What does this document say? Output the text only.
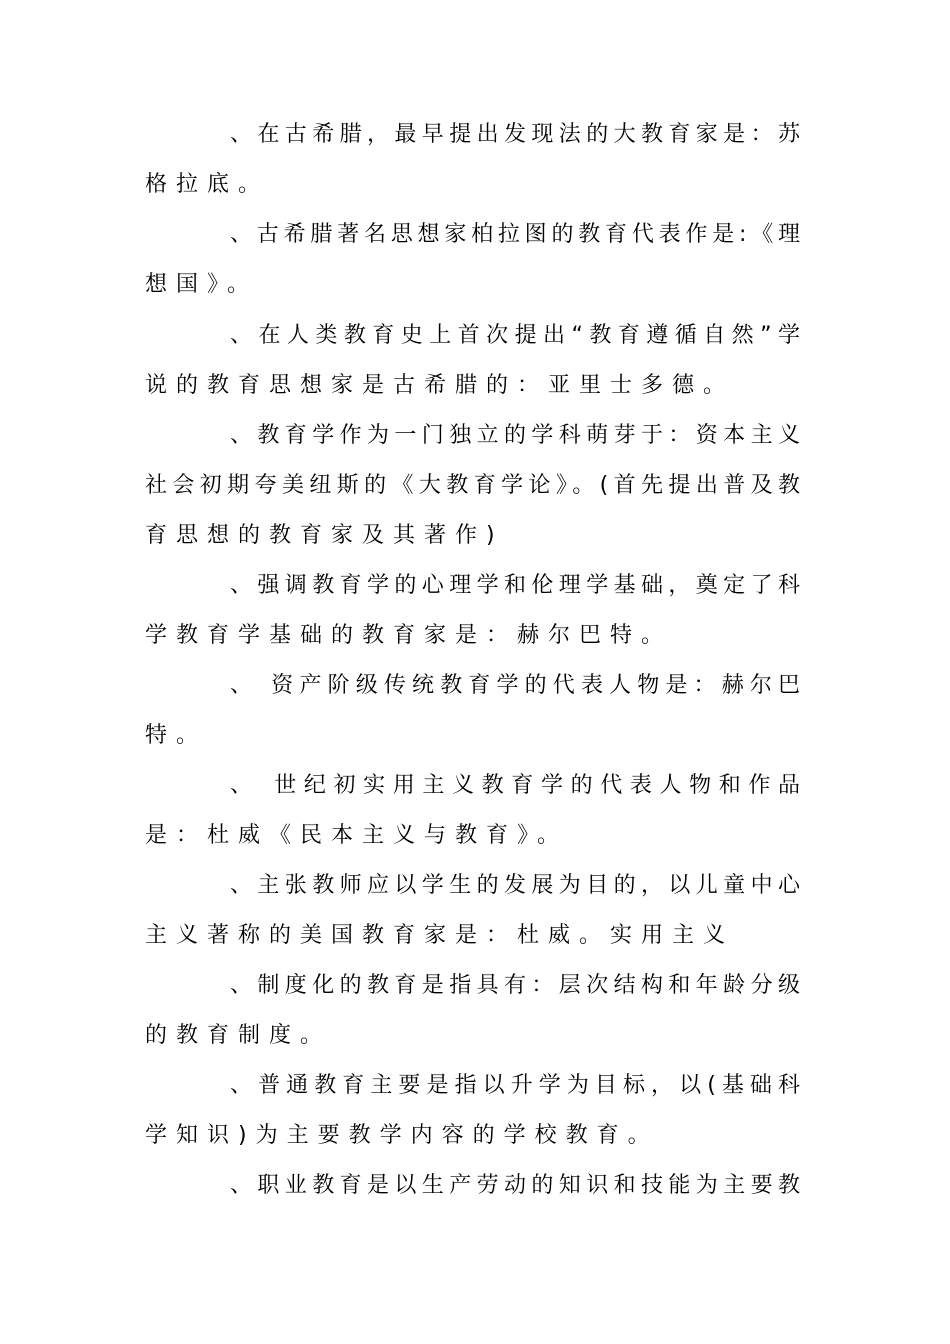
、在古希腊，最早提出发现法的大教育家是：苏
格拉底。
、古希腊著名思想家柏拉图的教育代表作是:《理
想国》。
、在人类教育史上首次提出“教育遵循自然”学
说的教育思想家是古希腊的：亚里士多德。
、教育学作为一门独立的学科萌芽于：资本主义
社会初期夸美纽斯的《大教育学论》。(首先提出普及教
育思想的教育家及其著作)
、强调教育学的心理学和伦理学基础，奠定了科
学教育学基础的教育家是：赫尔巴特。
、 资产阶级传统教育学的代表人物是：赫尔巴
特。
、 世纪初实用主义教育学的代表人物和作品
是：杜威《民本主义与教育》。
、主张教师应以学生的发展为目的，以儿童中心
主义著称的美国教育家是：杜威。实用主义
、制度化的教育是指具有：层次结构和年龄分级
的教育制度。
、普通教育主要是指以升学为目标，以(基础科
学知识)为主要教学内容的学校教育。
、职业教育是以生产劳动的知识和技能为主要教
